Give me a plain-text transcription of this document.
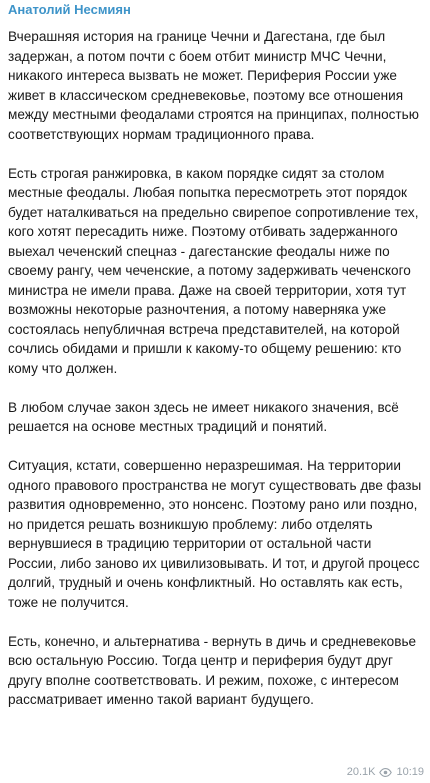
Анатолий Несмиян
Вчерашняя история на границе Чечни и Дагестана, где был задержан, а потом почти с боем отбит министр МЧС Чечни, никакого интереса вызвать не может. Периферия России уже живет в классическом средневековье, поэтому все отношения между местными феодалами строятся на принципах, полностью соответствующих нормам традиционного права.
Есть строгая ранжировка, в каком порядке сидят за столом местные феодалы. Любая попытка пересмотреть этот порядок будет наталкиваться на предельно свирепое сопротивление тех, кого хотят пересадить ниже. Поэтому отбивать задержанного выехал чеченский спецназ - дагестанские феодалы ниже по своему рангу, чем чеченские, а потому задерживать чеченского министра не имели права. Даже на своей территории, хотя тут возможны некоторые разночтения, а потому наверняка уже состоялась непубличная встреча представителей, на которой сочлись обидами и пришли к какому-то общему решению: кто кому что должен.
В любом случае закон здесь не имеет никакого значения, всё решается на основе местных традиций и понятий.
Ситуация, кстати, совершенно неразрешимая. На территории одного правового пространства не могут существовать две фазы развития одновременно, это нонсенс. Поэтому рано или поздно, но придется решать возникшую проблему: либо отделять вернувшиеся в традицию территории от остальной части России, либо заново их цивилизовывать. И тот, и другой процесс долгий, трудный и очень конфликтный. Но оставлять как есть, тоже не получится.
Есть, конечно, и альтернатива - вернуть в дичь и средневековье всю остальную Россию. Тогда центр и периферия будут друг другу вполне соответствовать. И режим, похоже, с интересом рассматривает именно такой вариант будущего.
20.1K 10:19
